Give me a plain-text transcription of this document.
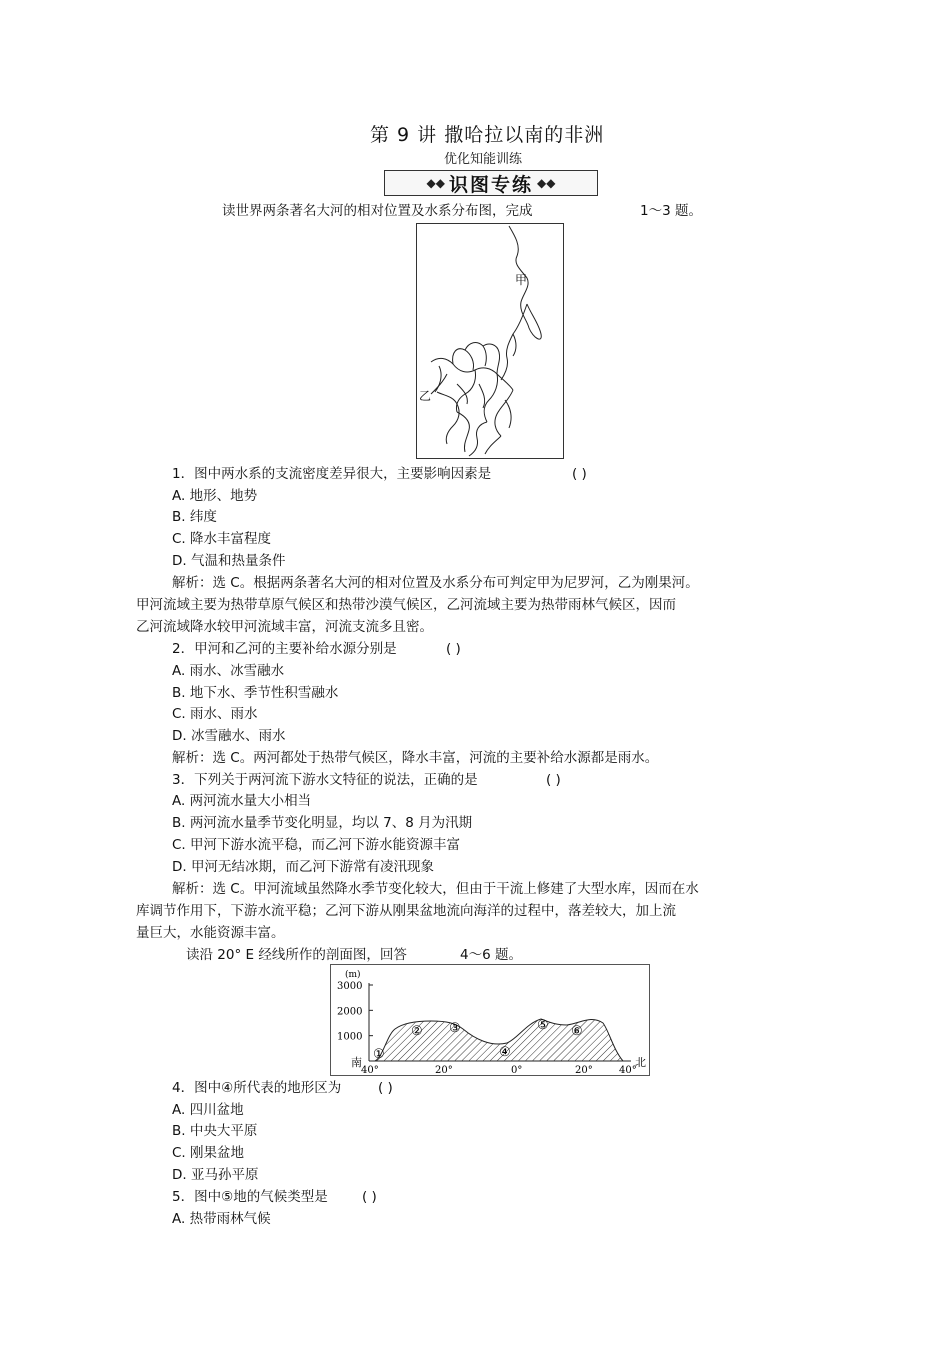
第 9 讲 撒哈拉以南的非洲
优化知能训练
◆◆ 识图专练 ◆◆
读世界两条著名大河的相对位置及水系分布图，完成	1～3 题。
甲
乙
1．图中两水系的支流密度差异很大，主要影响因素是	( )
A. 地形、地势
B. 纬度
C. 降水丰富程度
D. 气温和热量条件
解析：选 C。根据两条著名大河的相对位置及水系分布可判定甲为尼罗河，乙为刚果河。
甲河流域主要为热带草原气候区和热带沙漠气候区，乙河流域主要为热带雨林气候区，因而
乙河流域降水较甲河流域丰富，河流支流多且密。
2．甲河和乙河的主要补给水源分别是	( )
A. 雨水、冰雪融水
B. 地下水、季节性积雪融水
C. 雨水、雨水
D. 冰雪融水、雨水
解析：选 C。两河都处于热带气候区，降水丰富，河流的主要补给水源都是雨水。
3．下列关于两河流下游水文特征的说法，正确的是	( )
A. 两河流水量大小相当
B. 两河流水量季节变化明显，均以 7、8 月为汛期
C. 甲河下游水流平稳，而乙河下游水能资源丰富
D. 甲河无结冰期，而乙河下游常有凌汛现象
解析：选 C。甲河流域虽然降水季节变化较大，但由于干流上修建了大型水库，因而在水
库调节作用下，下游水流平稳；乙河下游从刚果盆地流向海洋的过程中，落差较大，加上流
量巨大，水能资源丰富。
读沿 20° E 经线所作的剖面图，回答	4～6 题。
(m)
3000
2000
1000
南	北
40°	20°	0°	20°	40°
①
② ③
④
⑤ ⑥
4．图中④所代表的地形区为	( )
A. 四川盆地
B. 中央大平原
C. 刚果盆地
D. 亚马孙平原
5．图中⑤地的气候类型是	( )
A. 热带雨林气候
